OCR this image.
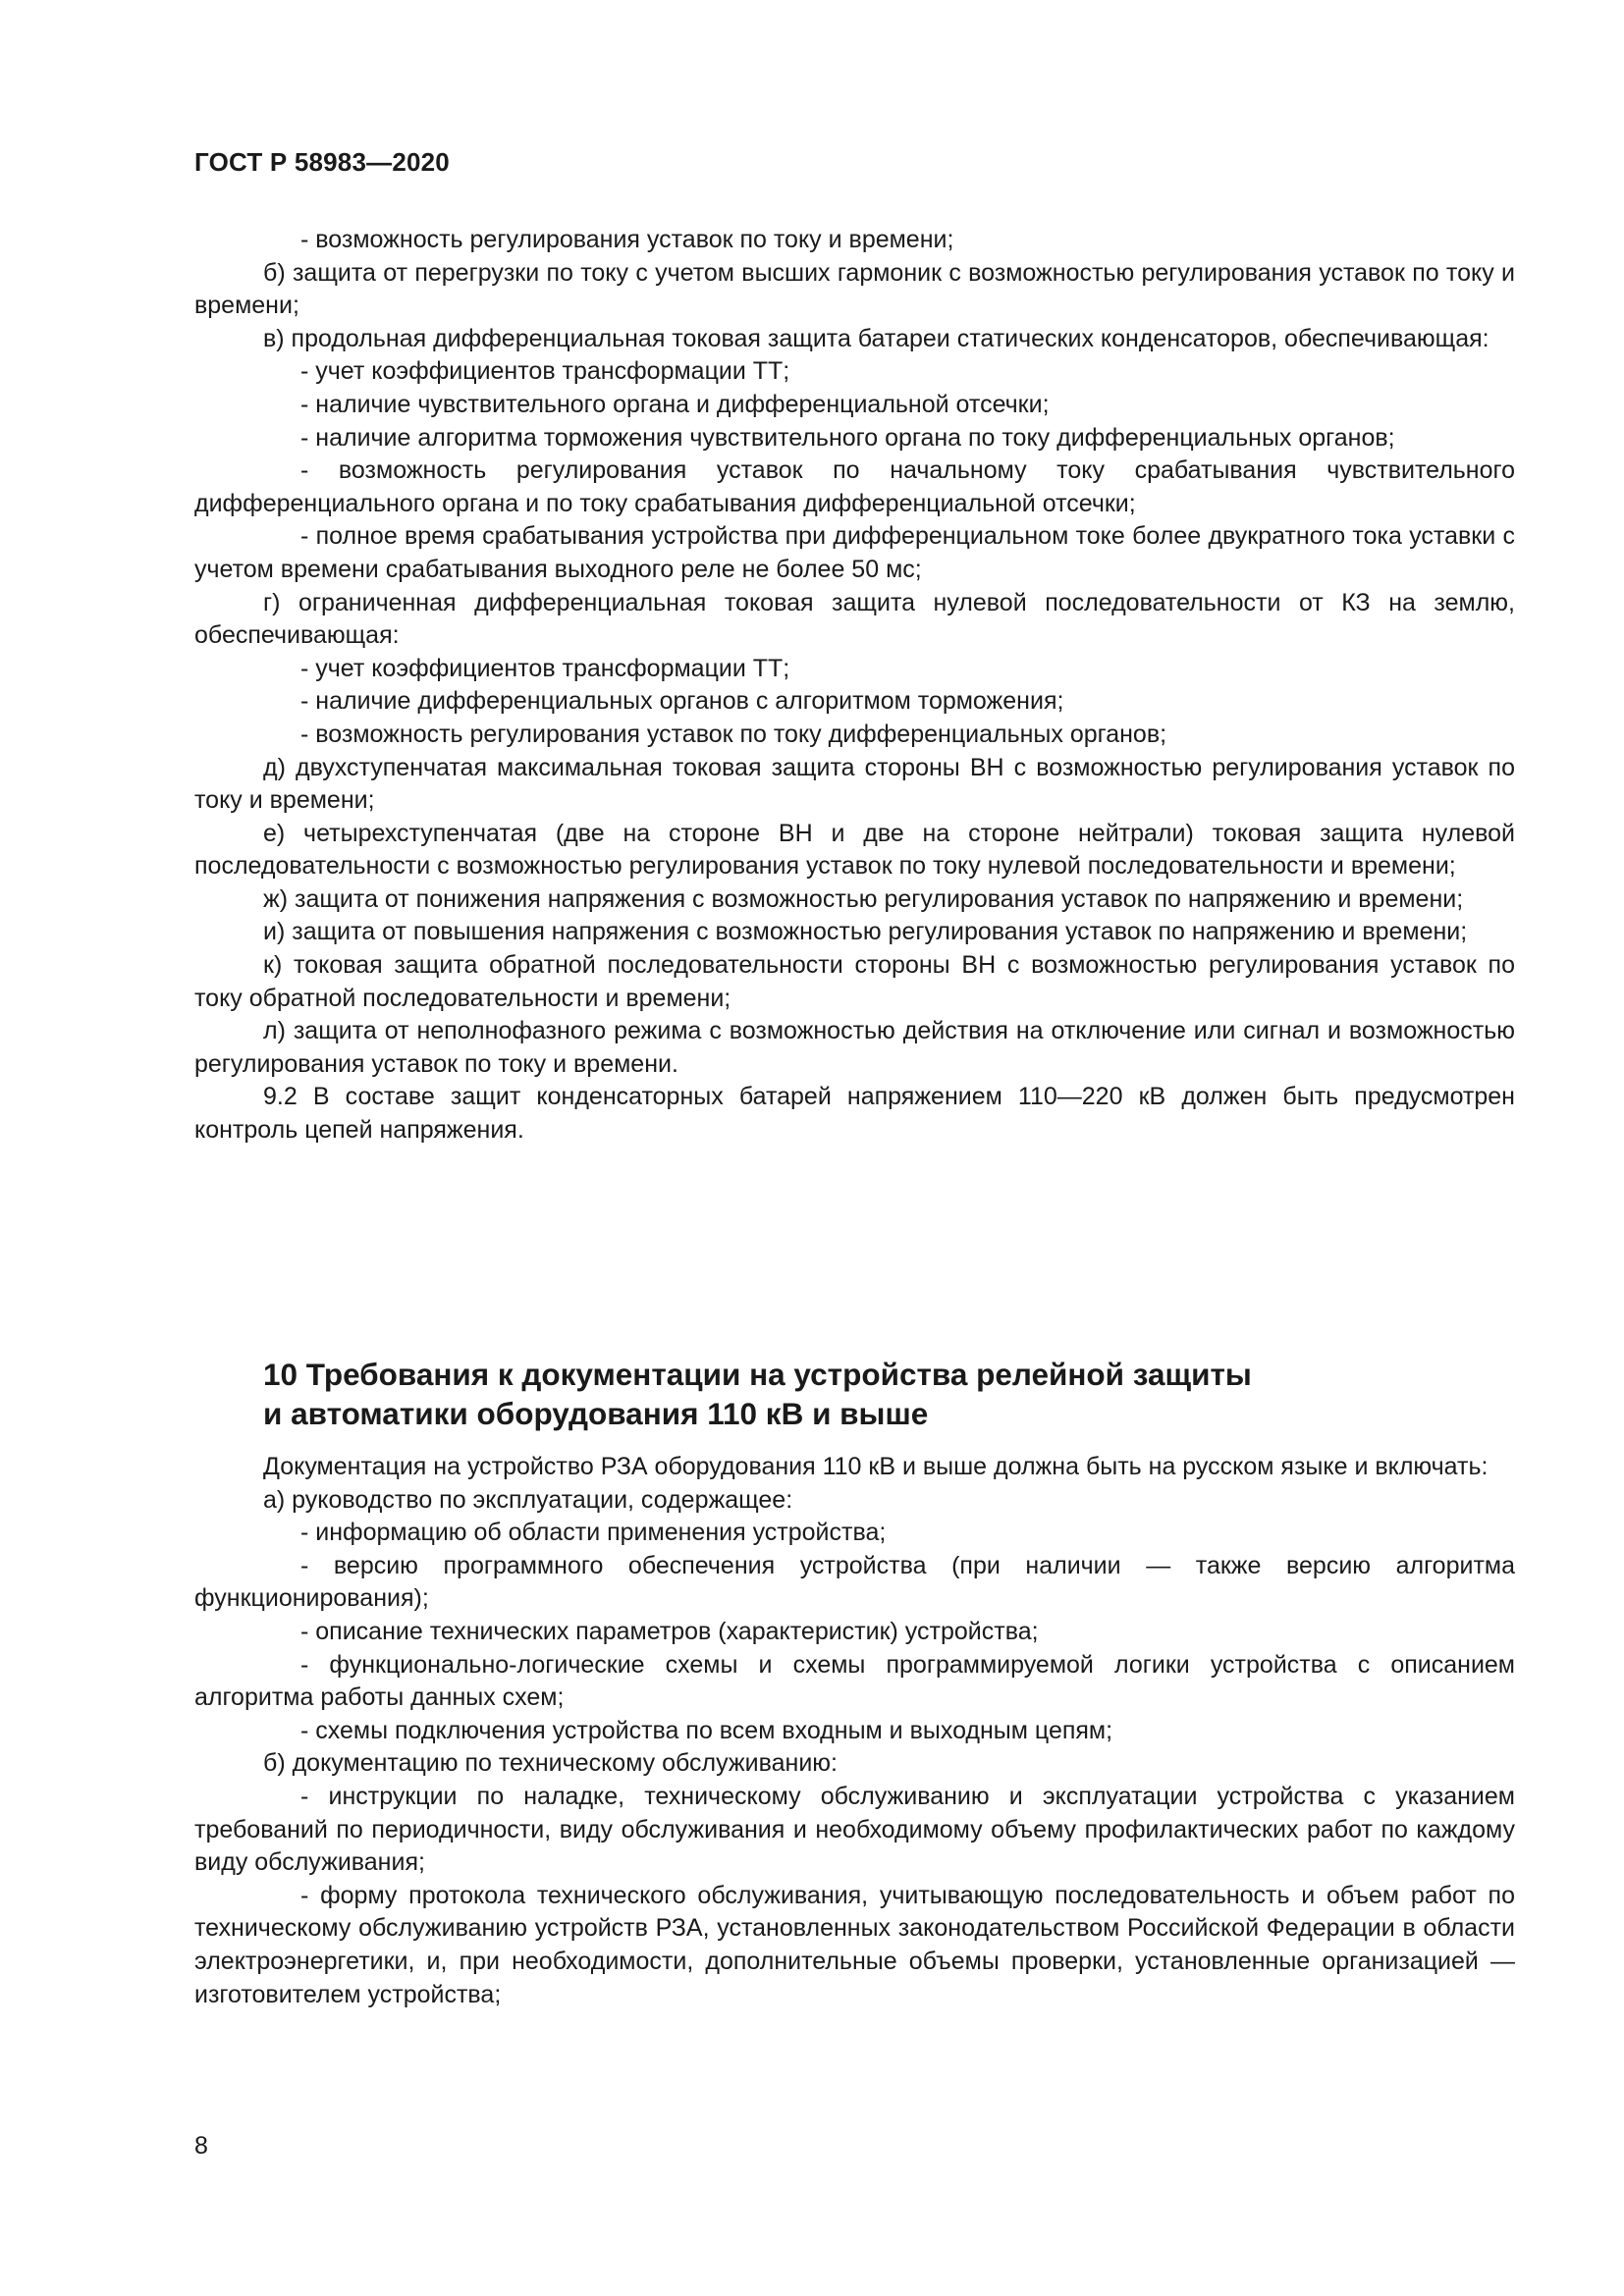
ГОСТ Р 58983—2020

- возможность регулирования уставок по току и времени;

б) защита от перегрузки по току с учетом высших гармоник с возможностью регулирования уставок по току и времени;

в) продольная дифференциальная токовая защита батареи статических конденсаторов, обеспечивающая:

- учет коэффициентов трансформации ТТ;

- наличие чувствительного органа и дифференциальной отсечки;

- наличие алгоритма торможения чувствительного органа по току дифференциальных органов;

- возможность регулирования уставок по начальному току срабатывания чувствительного дифференциального органа и по току срабатывания дифференциальной отсечки;

- полное время срабатывания устройства при дифференциальном токе более двукратного тока уставки с учетом времени срабатывания выходного реле не более 50 мс;

г) ограниченная дифференциальная токовая защита нулевой последовательности от КЗ на землю, обеспечивающая:

- учет коэффициентов трансформации ТТ;

- наличие дифференциальных органов с алгоритмом торможения;

- возможность регулирования уставок по току дифференциальных органов;

д) двухступенчатая максимальная токовая защита стороны ВН с возможностью регулирования уставок по току и времени;

е) четырехступенчатая (две на стороне ВН и две на стороне нейтрали) токовая защита нулевой последовательности с возможностью регулирования уставок по току нулевой последовательности и времени;

ж) защита от понижения напряжения с возможностью регулирования уставок по напряжению и времени;

и) защита от повышения напряжения с возможностью регулирования уставок по напряжению и времени;

к) токовая защита обратной последовательности стороны ВН с возможностью регулирования уставок по току обратной последовательности и времени;

л) защита от неполнофазного режима с возможностью действия на отключение или сигнал и возможностью регулирования уставок по току и времени.

9.2 В составе защит конденсаторных батарей напряжением 110—220 кВ должен быть предусмотрен контроль цепей напряжения.

10 Требования к документации на устройства релейной защиты
и автоматики оборудования 110 кВ и выше

Документация на устройство РЗА оборудования 110 кВ и выше должна быть на русском языке и включать:

а) руководство по эксплуатации, содержащее:

- информацию об области применения устройства;

- версию программного обеспечения устройства (при наличии — также версию алгоритма функционирования);

- описание технических параметров (характеристик) устройства;

- функционально-логические схемы и схемы программируемой логики устройства с описанием алгоритма работы данных схем;

- схемы подключения устройства по всем входным и выходным цепям;

б) документацию по техническому обслуживанию:

- инструкции по наладке, техническому обслуживанию и эксплуатации устройства с указанием требований по периодичности, виду обслуживания и необходимому объему профилактических работ по каждому виду обслуживания;

- форму протокола технического обслуживания, учитывающую последовательность и объем работ по техническому обслуживанию устройств РЗА, установленных законодательством Российской Федерации в области электроэнергетики, и, при необходимости, дополнительные объемы проверки, установленные организацией — изготовителем устройства;

8
